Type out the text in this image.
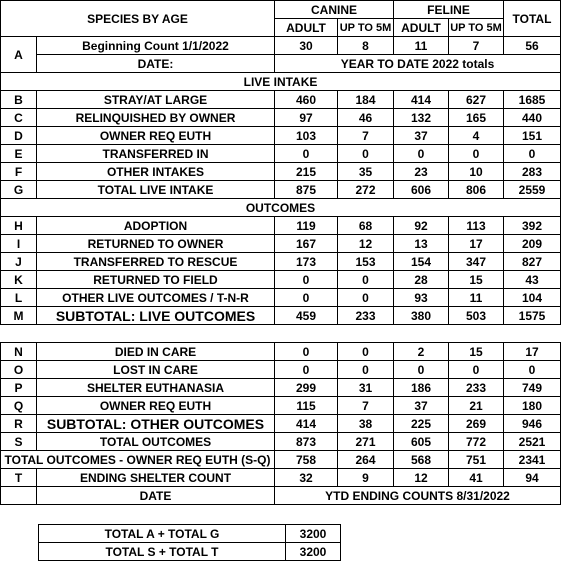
SPECIES BY AGE		CANINE		FELINE		TOTAL
		ADULT	UP TO 5M	ADULT	UP TO 5M	
A	Beginning Count 1/1/2022	30	8	11	7	56
	DATE:	YEAR TO DATE 2022 totals				
LIVE INTAKE						
B	STRAY/AT LARGE	460	184	414	627	1685
C	RELINQUISHED BY OWNER	97	46	132	165	440
D	OWNER REQ EUTH	103	7	37	4	151
E	TRANSFERRED IN	0	0	0	0	0
F	OTHER INTAKES	215	35	23	10	283
G	TOTAL LIVE INTAKE	875	272	606	806	2559
OUTCOMES						
H	ADOPTION	119	68	92	113	392
I	RETURNED TO OWNER	167	12	13	17	209
J	TRANSFERRED TO RESCUE	173	153	154	347	827
K	RETURNED TO FIELD	0	0	28	15	43
L	OTHER LIVE OUTCOMES / T-N-R	0	0	93	11	104
M	SUBTOTAL: LIVE OUTCOMES	459	233	380	503	1575

N	DIED IN CARE	0	0	2	15	17
O	LOST IN CARE	0	0	0	0	0
P	SHELTER EUTHANASIA	299	31	186	233	749
Q	OWNER REQ EUTH	115	7	37	21	180
R	SUBTOTAL: OTHER OUTCOMES	414	38	225	269	946
S	TOTAL OUTCOMES	873	271	605	772	2521
TOTAL OUTCOMES - OWNER REQ EUTH (S-Q)		758	264	568	751	2341
T	ENDING SHELTER COUNT	32	9	12	41	94
	DATE	YTD ENDING COUNTS 8/31/2022				
TOTAL A + TOTAL G	3200
TOTAL S + TOTAL T	3200
